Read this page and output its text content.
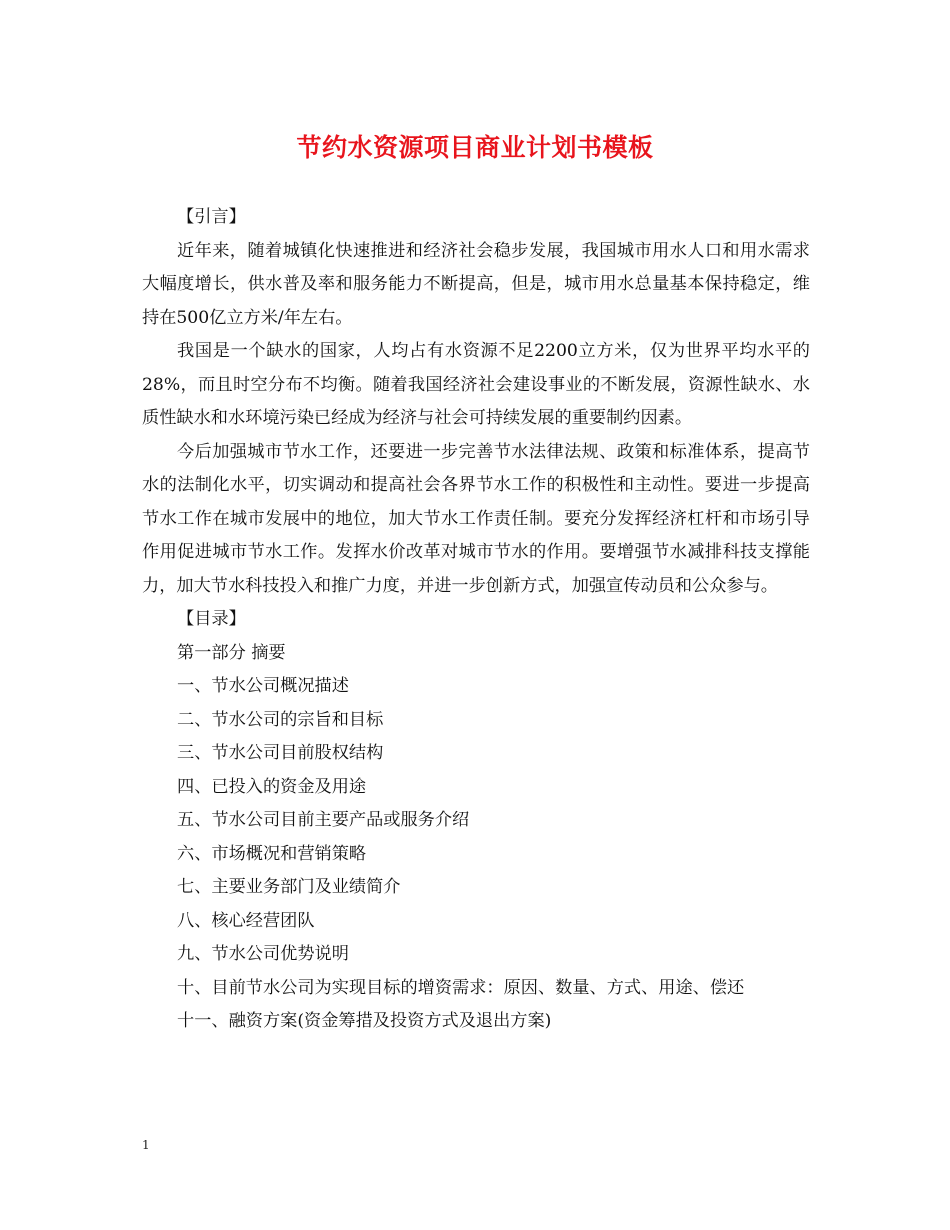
节约水资源项目商业计划书模板

【引言】

近年来，随着城镇化快速推进和经济社会稳步发展，我国城市用水人口和用水需求大幅度增长，供水普及率和服务能力不断提高，但是，城市用水总量基本保持稳定，维持在500亿立方米/年左右。

我国是一个缺水的国家，人均占有水资源不足2200立方米，仅为世界平均水平的28%，而且时空分布不均衡。随着我国经济社会建设事业的不断发展，资源性缺水、水质性缺水和水环境污染已经成为经济与社会可持续发展的重要制约因素。

今后加强城市节水工作，还要进一步完善节水法律法规、政策和标准体系，提高节水的法制化水平，切实调动和提高社会各界节水工作的积极性和主动性。要进一步提高节水工作在城市发展中的地位，加大节水工作责任制。要充分发挥经济杠杆和市场引导作用促进城市节水工作。发挥水价改革对城市节水的作用。要增强节水减排科技支撑能力，加大节水科技投入和推广力度，并进一步创新方式，加强宣传动员和公众参与。

【目录】

第一部分 摘要
一、节水公司概况描述
二、节水公司的宗旨和目标
三、节水公司目前股权结构
四、已投入的资金及用途
五、节水公司目前主要产品或服务介绍
六、市场概况和营销策略
七、主要业务部门及业绩简介
八、核心经营团队
九、节水公司优势说明
十、目前节水公司为实现目标的增资需求：原因、数量、方式、用途、偿还
十一、融资方案(资金筹措及投资方式及退出方案)
1
